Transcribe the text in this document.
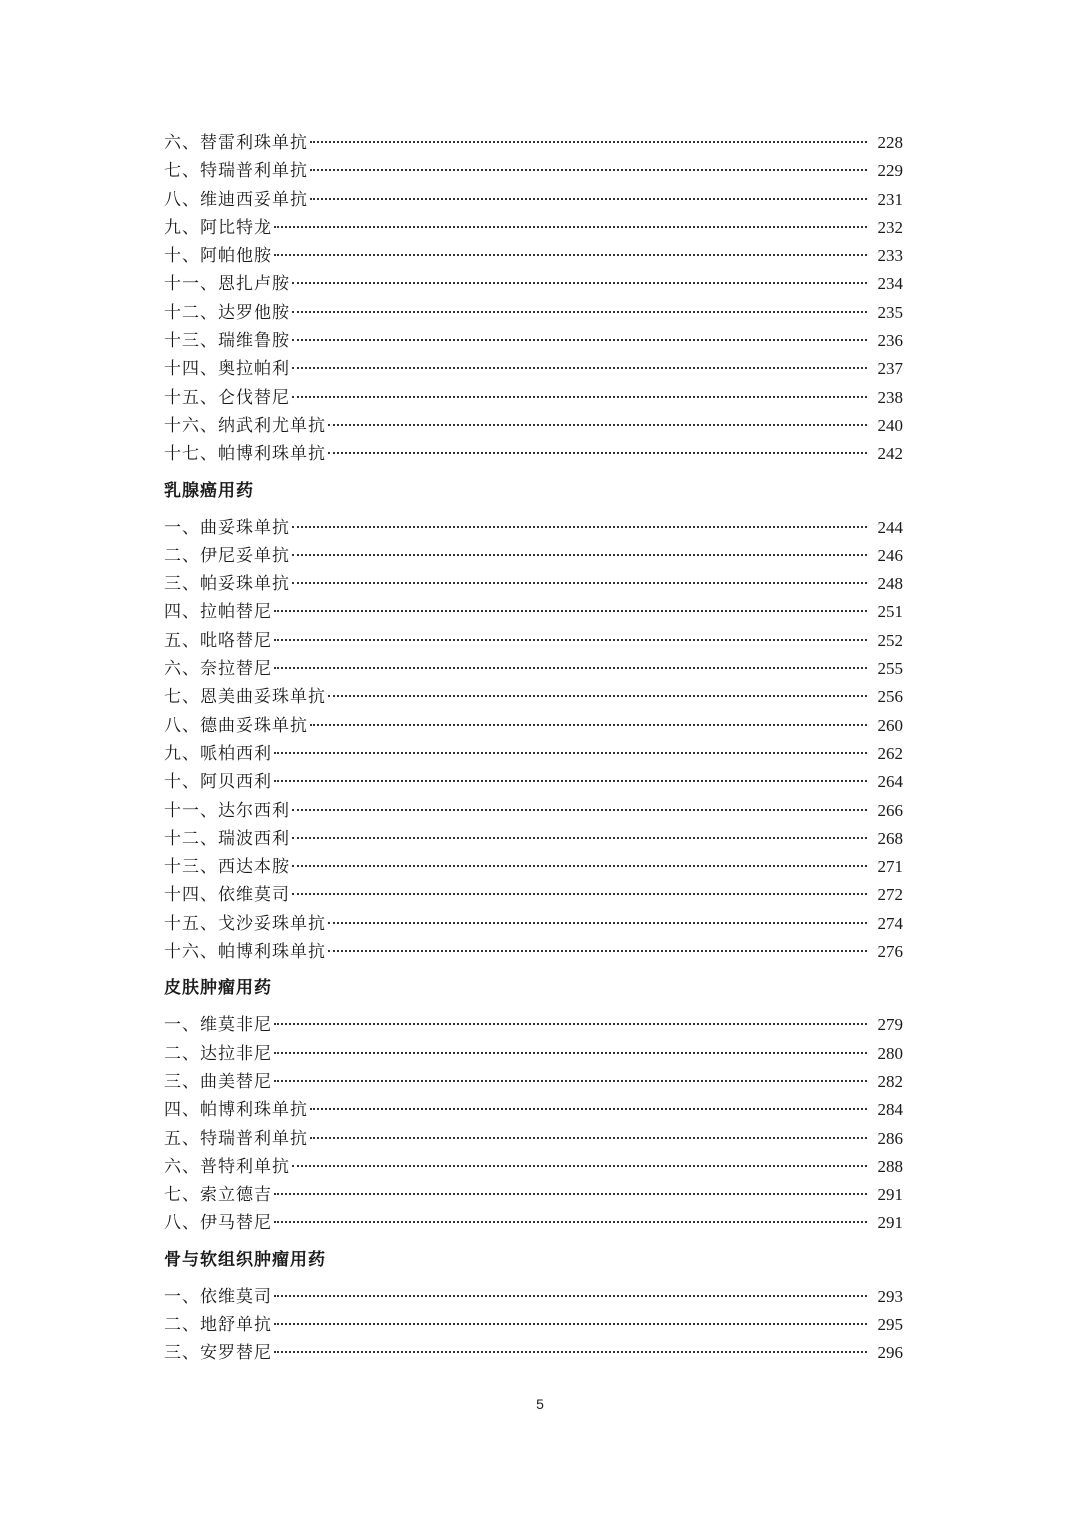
六、替雷利珠单抗	228
七、特瑞普利单抗	229
八、维迪西妥单抗	231
九、阿比特龙	232
十、阿帕他胺	233
十一、恩扎卢胺	234
十二、达罗他胺	235
十三、瑞维鲁胺	236
十四、奥拉帕利	237
十五、仑伐替尼	238
十六、纳武利尤单抗	240
十七、帕博利珠单抗	242
乳腺癌用药
一、曲妥珠单抗	244
二、伊尼妥单抗	246
三、帕妥珠单抗	248
四、拉帕替尼	251
五、吡咯替尼	252
六、奈拉替尼	255
七、恩美曲妥珠单抗	256
八、德曲妥珠单抗	260
九、哌柏西利	262
十、阿贝西利	264
十一、达尔西利	266
十二、瑞波西利	268
十三、西达本胺	271
十四、依维莫司	272
十五、戈沙妥珠单抗	274
十六、帕博利珠单抗	276
皮肤肿瘤用药
一、维莫非尼	279
二、达拉非尼	280
三、曲美替尼	282
四、帕博利珠单抗	284
五、特瑞普利单抗	286
六、普特利单抗	288
七、索立德吉	291
八、伊马替尼	291
骨与软组织肿瘤用药
一、依维莫司	293
二、地舒单抗	295
三、安罗替尼	296
5
